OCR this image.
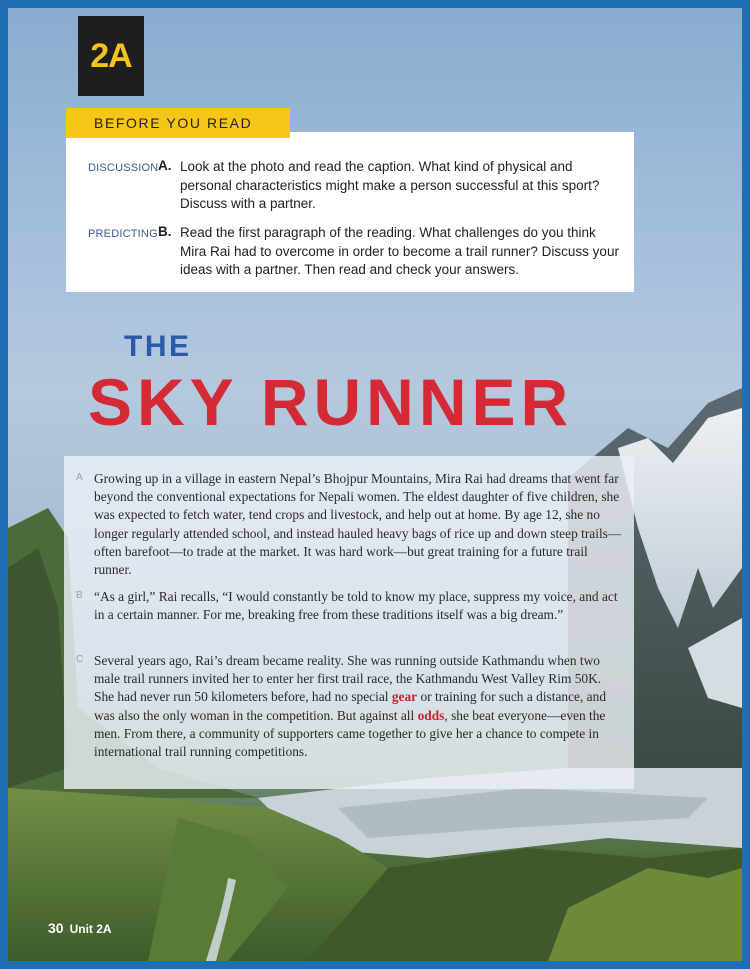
2A
DISCUSSION A. Look at the photo and read the caption. What kind of physical and personal characteristics might make a person successful at this sport? Discuss with a partner.
PREDICTING B. Read the first paragraph of the reading. What challenges do you think Mira Rai had to overcome in order to become a trail runner? Discuss your ideas with a partner. Then read and check your answers.
BEFORE YOU READ
THE
SKY RUNNER
A Growing up in a village in eastern Nepal’s Bhojpur Mountains, Mira Rai had dreams that went far beyond the conventional expectations for Nepali women. The eldest daughter of five children, she was expected to fetch water, tend crops and livestock, and help out at home. By age 12, she no longer regularly attended school, and instead hauled heavy bags of rice up and down steep trails—often barefoot—to trade at the market. It was hard work—but great training for a future trail runner.
B “As a girl,” Rai recalls, “I would constantly be told to know my place, suppress my voice, and act in a certain manner. For me, breaking free from these traditions itself was a big dream.”
C Several years ago, Rai’s dream became reality. She was running outside Kathmandu when two male trail runners invited her to enter her first trail race, the Kathmandu West Valley Rim 50K. She had never run 50 kilometers before, had no special gear or training for such a distance, and was also the only woman in the competition. But against all odds, she beat everyone—even the men. From there, a community of supporters came together to give her a chance to compete in international trail running competitions.
30 Unit 2A
